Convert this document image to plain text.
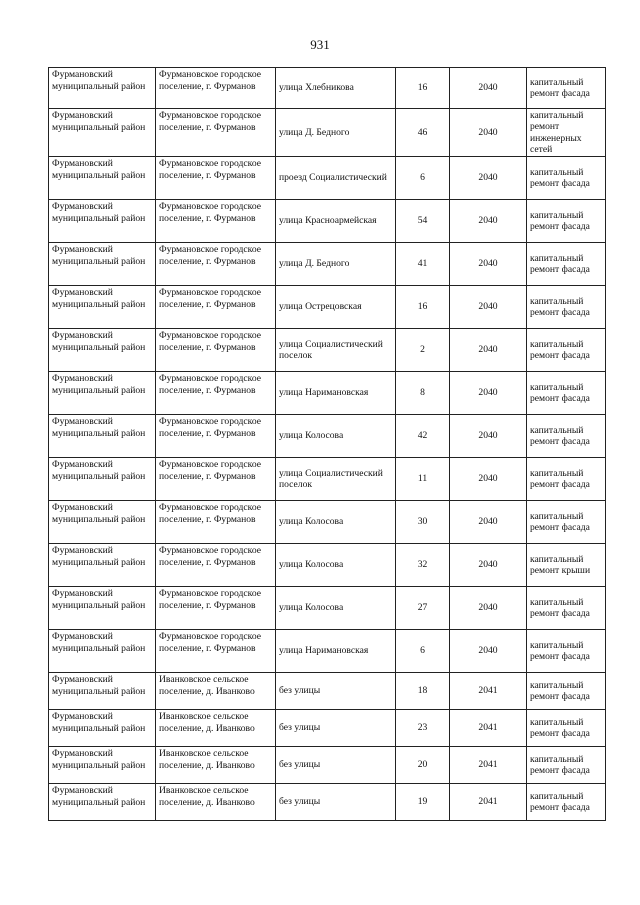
931
Фурмановский муниципальный район	Фурмановское городское поселение, г. Фурманов	улица Хлебникова	16	2040	капитальный ремонт фасада
Фурмановский муниципальный район	Фурмановское городское поселение, г. Фурманов	улица Д. Бедного	46	2040	капитальный ремонт инженерных сетей
Фурмановский муниципальный район	Фурмановское городское поселение, г. Фурманов	проезд Социалистический	6	2040	капитальный ремонт фасада
Фурмановский муниципальный район	Фурмановское городское поселение, г. Фурманов	улица Красноармейская	54	2040	капитальный ремонт фасада
Фурмановский муниципальный район	Фурмановское городское поселение, г. Фурманов	улица Д. Бедного	41	2040	капитальный ремонт фасада
Фурмановский муниципальный район	Фурмановское городское поселение, г. Фурманов	улица Острецовская	16	2040	капитальный ремонт фасада
Фурмановский муниципальный район	Фурмановское городское поселение, г. Фурманов	улица Социалистический поселок	2	2040	капитальный ремонт фасада
Фурмановский муниципальный район	Фурмановское городское поселение, г. Фурманов	улица Наримановская	8	2040	капитальный ремонт фасада
Фурмановский муниципальный район	Фурмановское городское поселение, г. Фурманов	улица Колосова	42	2040	капитальный ремонт фасада
Фурмановский муниципальный район	Фурмановское городское поселение, г. Фурманов	улица Социалистический поселок	11	2040	капитальный ремонт фасада
Фурмановский муниципальный район	Фурмановское городское поселение, г. Фурманов	улица Колосова	30	2040	капитальный ремонт фасада
Фурмановский муниципальный район	Фурмановское городское поселение, г. Фурманов	улица Колосова	32	2040	капитальный ремонт крыши
Фурмановский муниципальный район	Фурмановское городское поселение, г. Фурманов	улица Колосова	27	2040	капитальный ремонт фасада
Фурмановский муниципальный район	Фурмановское городское поселение, г. Фурманов	улица Наримановская	6	2040	капитальный ремонт фасада
Фурмановский муниципальный район	Иванковское сельское поселение, д. Иванково	без улицы	18	2041	капитальный ремонт фасада
Фурмановский муниципальный район	Иванковское сельское поселение, д. Иванково	без улицы	23	2041	капитальный ремонт фасада
Фурмановский муниципальный район	Иванковское сельское поселение, д. Иванково	без улицы	20	2041	капитальный ремонт фасада
Фурмановский муниципальный район	Иванковское сельское поселение, д. Иванково	без улицы	19	2041	капитальный ремонт фасада
